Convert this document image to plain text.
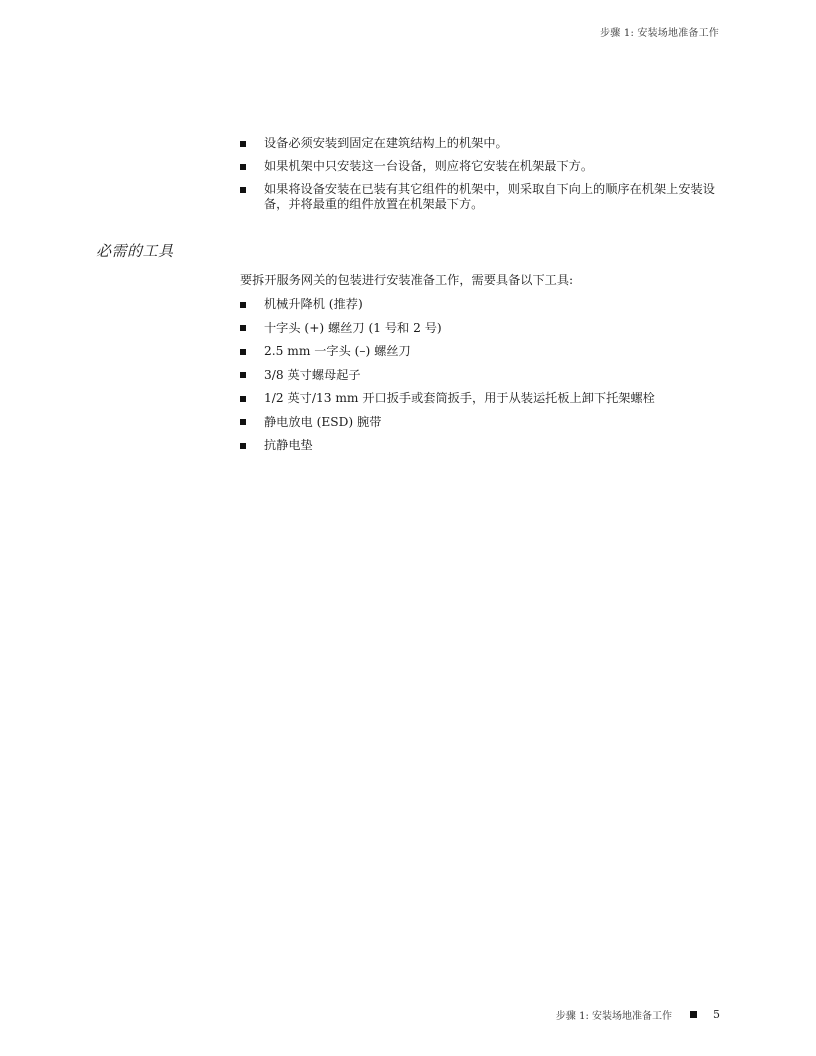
步骤 1: 安装场地准备工作
设备必须安装到固定在建筑结构上的机架中。
如果机架中只安装这一台设备，则应将它安装在机架最下方。
如果将设备安装在已装有其它组件的机架中，则采取自下向上的顺序在机架上安装设备，并将最重的组件放置在机架最下方。
必需的工具

要拆开服务网关的包装进行安装准备工作，需要具备以下工具:

机械升降机 (推荐)
十字头 (+) 螺丝刀 (1 号和 2 号)
2.5 mm 一字头 (–) 螺丝刀
3/8 英寸螺母起子
1/2 英寸/13 mm 开口扳手或套筒扳手，用于从装运托板上卸下托架螺栓
静电放电 (ESD) 腕带
抗静电垫
步骤 1: 安装场地准备工作	5
